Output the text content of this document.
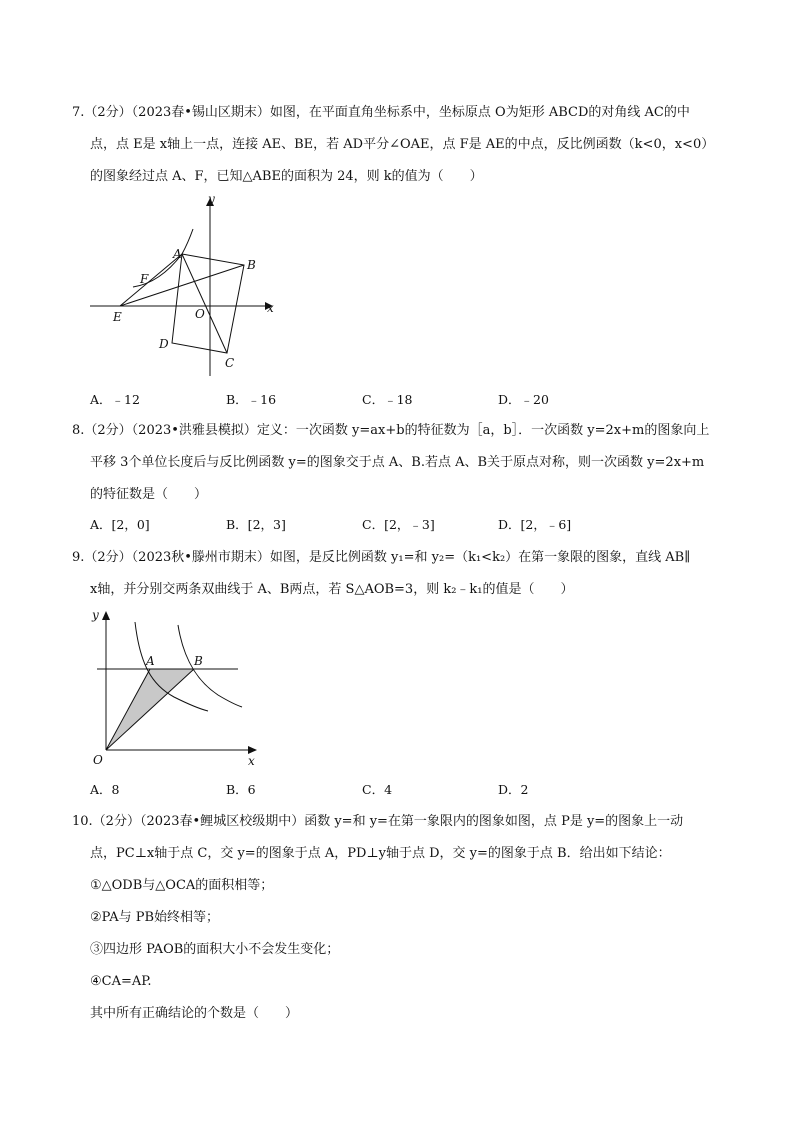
7.（2分）（2023春•锡山区期末）如图，在平面直角坐标系中，坐标原点 O为矩形 ABCD的对角线 AC的中
点，点 E是 x轴上一点，连接 AE、BE，若 AD平分∠OAE，点 F是 AE的中点，反比例函数（k<0，x<0）
的图象经过点 A、F，已知△ABE的面积为 24，则 k的值为（　　）
y
x
A
B
F
E	O
D
C
A．﹣12	B．﹣16	C．﹣18	D．﹣20
8.（2分）（2023•洪雅县模拟）定义：一次函数 y=ax+b的特征数为［a，b］．一次函数 y=2x+m的图象向上
平移 3个单位长度后与反比例函数 y=的图象交于点 A、B.若点 A、B关于原点对称，则一次函数 y=2x+m
的特征数是（　　）
A．[2，0]	B．[2，3]	C．[2，﹣3]	D．[2，﹣6]
9.（2分）（2023秋•滕州市期末）如图，是反比例函数 y₁=和 y₂=（k₁<k₂）在第一象限的图象，直线 AB∥
x轴，并分别交两条双曲线于 A、B两点，若 S△AOB=3，则 k₂﹣k₁的值是（　　）
y
A	B
O	x
A．8	B．6	C．4	D．2
10.（2分）（2023春•鲤城区校级期中）函数 y=和 y=在第一象限内的图象如图，点 P是 y=的图象上一动
点，PC⊥x轴于点 C，交 y=的图象于点 A，PD⊥y轴于点 D，交 y=的图象于点 B．给出如下结论：
①△ODB与△OCA的面积相等；
②PA与 PB始终相等；
③四边形 PAOB的面积大小不会发生变化；
④CA=AP.
其中所有正确结论的个数是（　　）
